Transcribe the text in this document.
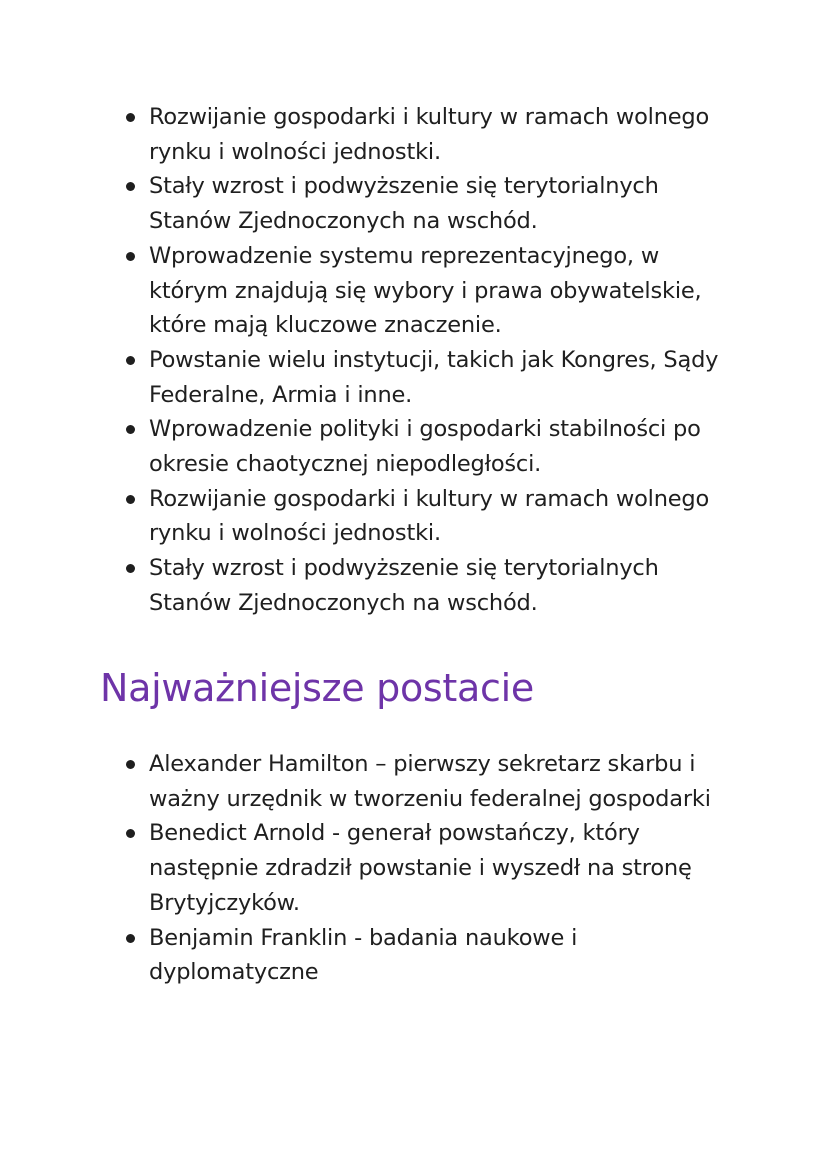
Rozwijanie gospodarki i kultury w ramach wolnego rynku i wolności jednostki.
Stały wzrost i podwyższenie się terytorialnych Stanów Zjednoczonych na wschód.
Wprowadzenie systemu reprezentacyjnego, w którym znajdują się wybory i prawa obywatelskie, które mają kluczowe znaczenie.
Powstanie wielu instytucji, takich jak Kongres, Sądy Federalne, Armia i inne.
Wprowadzenie polityki i gospodarki stabilności po okresie chaotycznej niepodległości.
Rozwijanie gospodarki i kultury w ramach wolnego rynku i wolności jednostki.
Stały wzrost i podwyższenie się terytorialnych Stanów Zjednoczonych na wschód.
Najważniejsze postacie
Alexander Hamilton – pierwszy sekretarz skarbu i ważny urzędnik w tworzeniu federalnej gospodarki
Benedict Arnold - generał powstańczy, który następnie zdradził powstanie i wyszedł na stronę Brytyjczyków.
Benjamin Franklin - badania naukowe i dyplomatyczne
